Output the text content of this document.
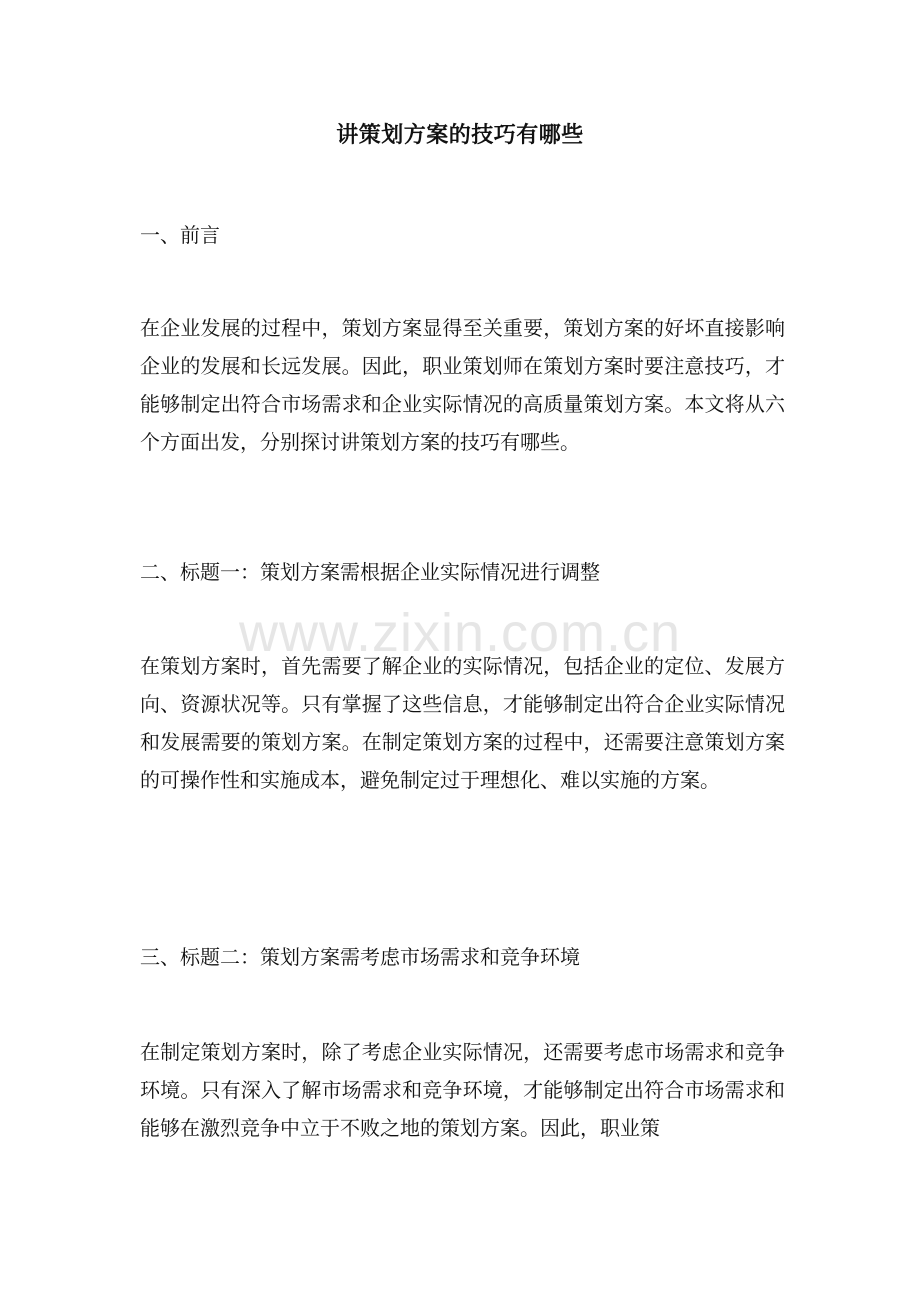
www.zixin.com.cn
讲策划方案的技巧有哪些
一、前言
在企业发展的过程中，策划方案显得至关重要，策划方案的好坏直接影响企业的发展和长远发展。因此，职业策划师在策划方案时要注意技巧，才能够制定出符合市场需求和企业实际情况的高质量策划方案。本文将从六个方面出发，分别探讨讲策划方案的技巧有哪些。
二、标题一：策划方案需根据企业实际情况进行调整
在策划方案时，首先需要了解企业的实际情况，包括企业的定位、发展方向、资源状况等。只有掌握了这些信息，才能够制定出符合企业实际情况和发展需要的策划方案。在制定策划方案的过程中，还需要注意策划方案的可操作性和实施成本，避免制定过于理想化、难以实施的方案。
三、标题二：策划方案需考虑市场需求和竞争环境
在制定策划方案时，除了考虑企业实际情况，还需要考虑市场需求和竞争环境。只有深入了解市场需求和竞争环境，才能够制定出符合市场需求和能够在激烈竞争中立于不败之地的策划方案。因此，职业策
